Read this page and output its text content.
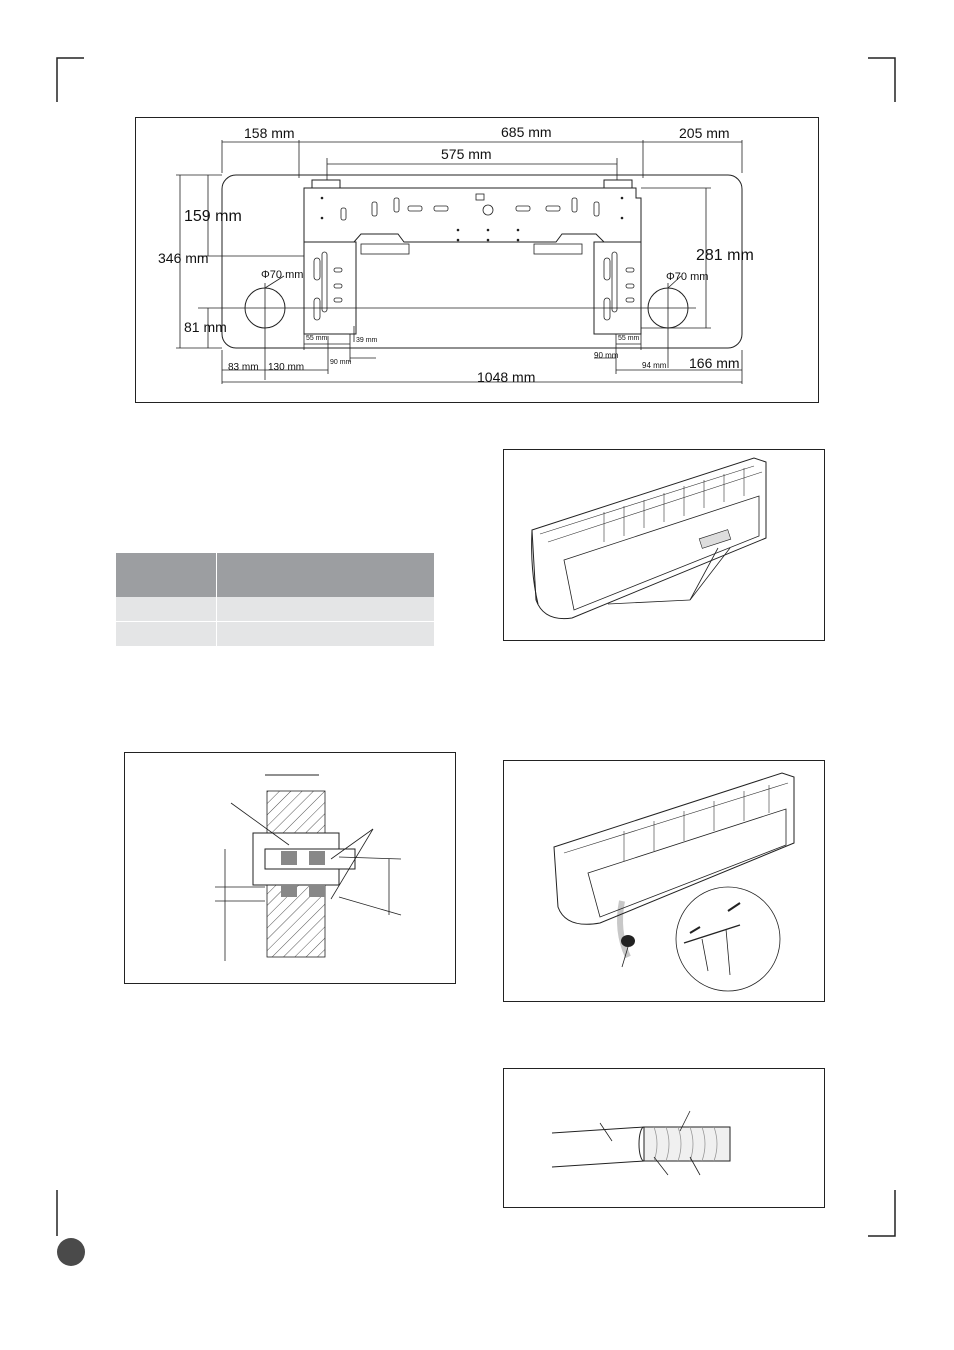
158 mm	685 mm	205 mm
575 mm
159 mm
346 mm
81 mm
281 mm
Φ70 mm	Φ70 mm
55 mm	39 mm
90 mm
55 mm
90 mm
83 mm 130 mm	94 mm 166 mm
1048 mm
